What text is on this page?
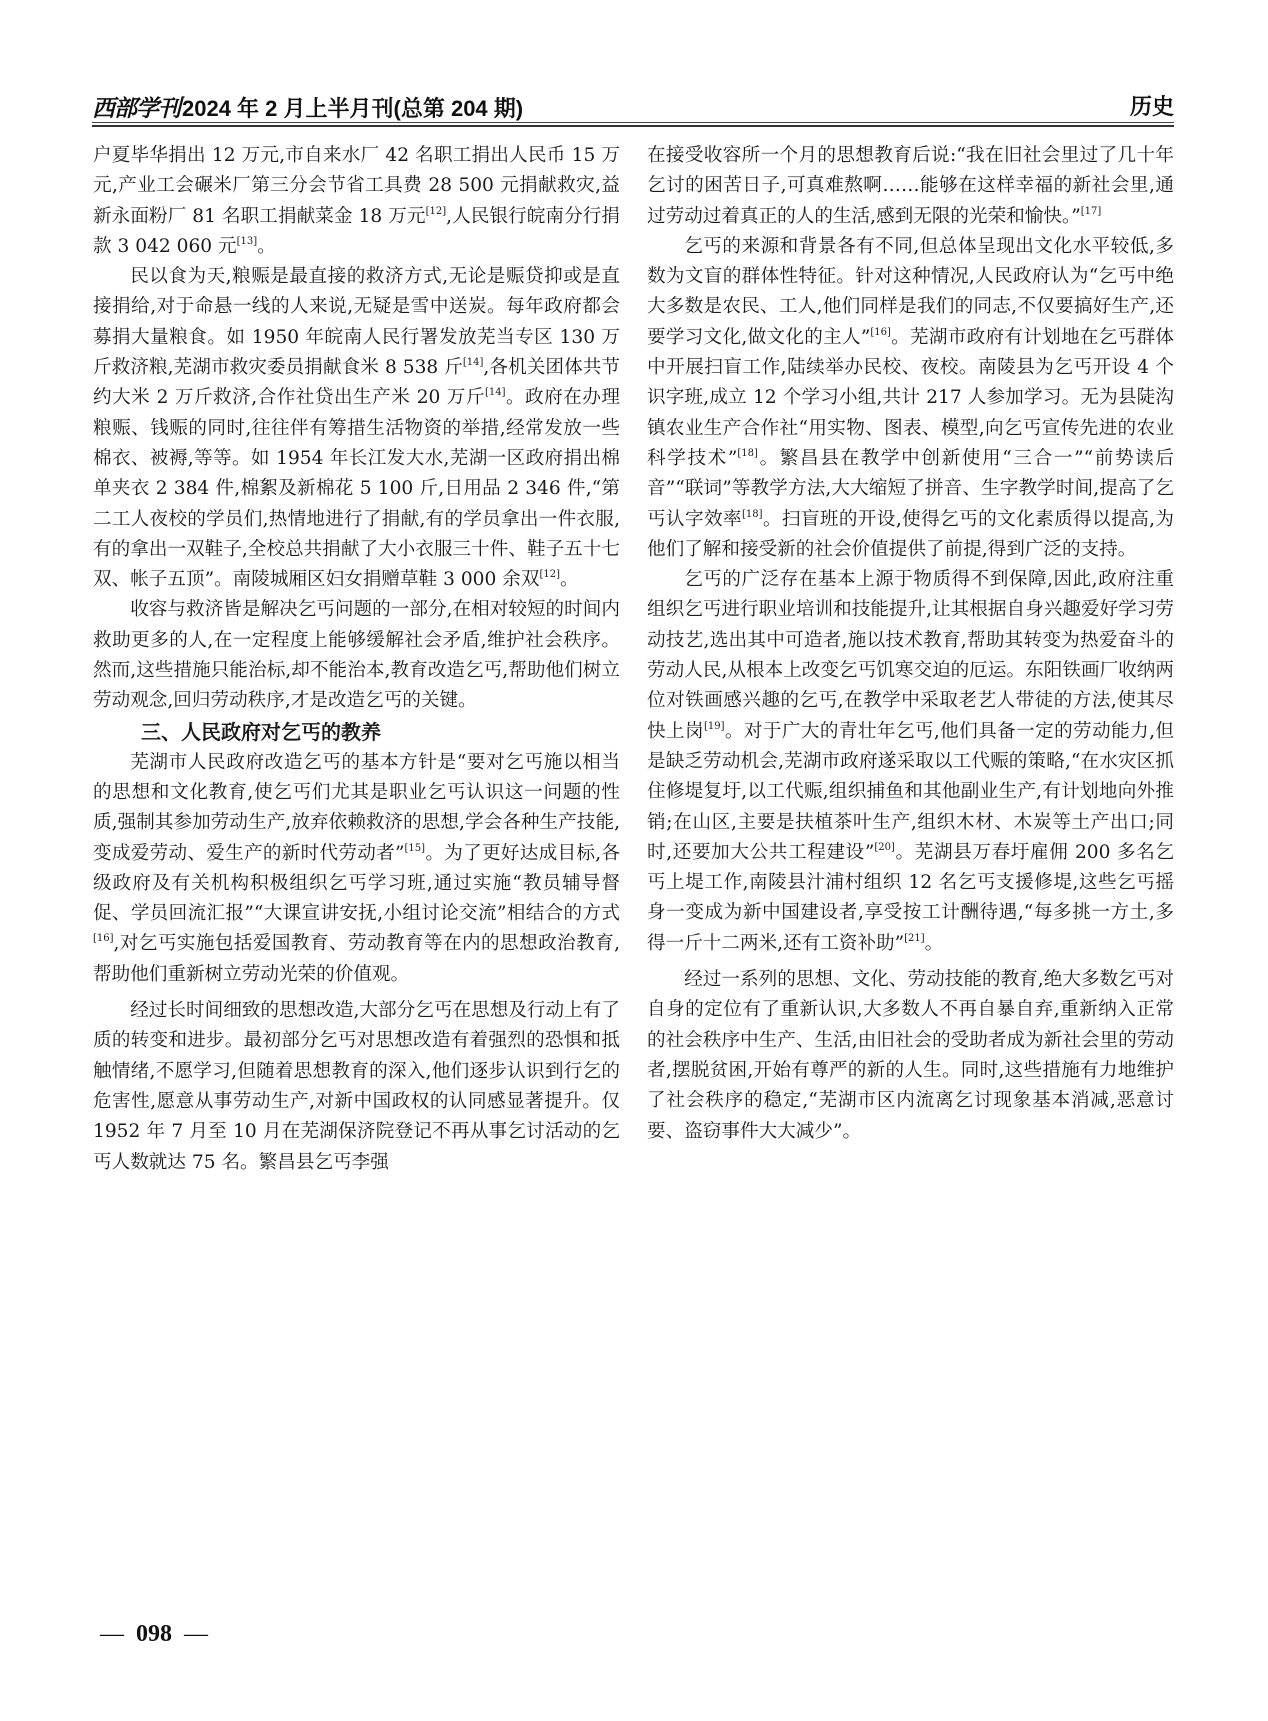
西部学刊2024 年 2 月上半月刊(总第 204 期)	历史

户夏毕华捐出 12 万元,市自来水厂 42 名职工捐出人民币 15 万元,产业工会碾米厂第三分会节省工具费 28 500 元捐献救灾,益新永面粉厂 81 名职工捐献菜金 18 万元[12],人民银行皖南分行捐款 3 042 060 元[13]。

民以食为天,粮赈是最直接的救济方式,无论是赈贷抑或是直接捐给,对于命悬一线的人来说,无疑是雪中送炭。每年政府都会募捐大量粮食。如 1950 年皖南人民行署发放芜当专区 130 万斤救济粮,芜湖市救灾委员捐献食米 8 538 斤[14],各机关团体共节约大米 2 万斤救济,合作社贷出生产米 20 万斤[14]。政府在办理粮赈、钱赈的同时,往往伴有筹措生活物资的举措,经常发放一些棉衣、被褥,等等。如 1954 年长江发大水,芜湖一区政府捐出棉单夹衣 2 384 件,棉絮及新棉花 5 100 斤,日用品 2 346 件,“第二工人夜校的学员们,热情地进行了捐献,有的学员拿出一件衣服,有的拿出一双鞋子,全校总共捐献了大小衣服三十件、鞋子五十七双、帐子五顶”。南陵城厢区妇女捐赠草鞋 3 000 余双[12]。

收容与救济皆是解决乞丐问题的一部分,在相对较短的时间内救助更多的人,在一定程度上能够缓解社会矛盾,维护社会秩序。然而,这些措施只能治标,却不能治本,教育改造乞丐,帮助他们树立劳动观念,回归劳动秩序,才是改造乞丐的关键。

三、人民政府对乞丐的教养

芜湖市人民政府改造乞丐的基本方针是“要对乞丐施以相当的思想和文化教育,使乞丐们尤其是职业乞丐认识这一问题的性质,强制其参加劳动生产,放弃依赖救济的思想,学会各种生产技能,变成爱劳动、爱生产的新时代劳动者”[15]。为了更好达成目标,各级政府及有关机构积极组织乞丐学习班,通过实施“教员辅导督促、学员回流汇报”“大课宣讲安抚,小组讨论交流”相结合的方式[16],对乞丐实施包括爱国教育、劳动教育等在内的思想政治教育,帮助他们重新树立劳动光荣的价值观。

经过长时间细致的思想改造,大部分乞丐在思想及行动上有了质的转变和进步。最初部分乞丐对思想改造有着强烈的恐惧和抵触情绪,不愿学习,但随着思想教育的深入,他们逐步认识到行乞的危害性,愿意从事劳动生产,对新中国政权的认同感显著提升。仅 1952 年 7 月至 10 月在芜湖保济院登记不再从事乞讨活动的乞丐人数就达 75 名。繁昌县乞丐李强

在接受收容所一个月的思想教育后说:“我在旧社会里过了几十年乞讨的困苦日子,可真难熬啊……能够在这样幸福的新社会里,通过劳动过着真正的人的生活,感到无限的光荣和愉快。”[17]

乞丐的来源和背景各有不同,但总体呈现出文化水平较低,多数为文盲的群体性特征。针对这种情况,人民政府认为“乞丐中绝大多数是农民、工人,他们同样是我们的同志,不仅要搞好生产,还要学习文化,做文化的主人”[16]。芜湖市政府有计划地在乞丐群体中开展扫盲工作,陆续举办民校、夜校。南陵县为乞丐开设 4 个识字班,成立 12 个学习小组,共计 217 人参加学习。无为县陡沟镇农业生产合作社“用实物、图表、模型,向乞丐宣传先进的农业科学技术”[18]。繁昌县在教学中创新使用“三合一”“前势读后音”“联词”等教学方法,大大缩短了拼音、生字教学时间,提高了乞丐认字效率[18]。扫盲班的开设,使得乞丐的文化素质得以提高,为他们了解和接受新的社会价值提供了前提,得到广泛的支持。

乞丐的广泛存在基本上源于物质得不到保障,因此,政府注重组织乞丐进行职业培训和技能提升,让其根据自身兴趣爱好学习劳动技艺,选出其中可造者,施以技术教育,帮助其转变为热爱奋斗的劳动人民,从根本上改变乞丐饥寒交迫的厄运。东阳铁画厂收纳两位对铁画感兴趣的乞丐,在教学中采取老艺人带徒的方法,使其尽快上岗[19]。对于广大的青壮年乞丐,他们具备一定的劳动能力,但是缺乏劳动机会,芜湖市政府遂采取以工代赈的策略,“在水灾区抓住修堤复圩,以工代赈,组织捕鱼和其他副业生产,有计划地向外推销;在山区,主要是扶植茶叶生产,组织木材、木炭等土产出口;同时,还要加大公共工程建设”[20]。芜湖县万春圩雇佣 200 多名乞丐上堤工作,南陵县汁浦村组织 12 名乞丐支援修堤,这些乞丐摇身一变成为新中国建设者,享受按工计酬待遇,“每多挑一方土,多得一斤十二两米,还有工资补助”[21]。

经过一系列的思想、文化、劳动技能的教育,绝大多数乞丐对自身的定位有了重新认识,大多数人不再自暴自弃,重新纳入正常的社会秩序中生产、生活,由旧社会的受助者成为新社会里的劳动者,摆脱贫困,开始有尊严的新的人生。同时,这些措施有力地维护了社会秩序的稳定,“芜湖市区内流离乞讨现象基本消减,恶意讨要、盗窃事件大大减少”。

— 098 —
